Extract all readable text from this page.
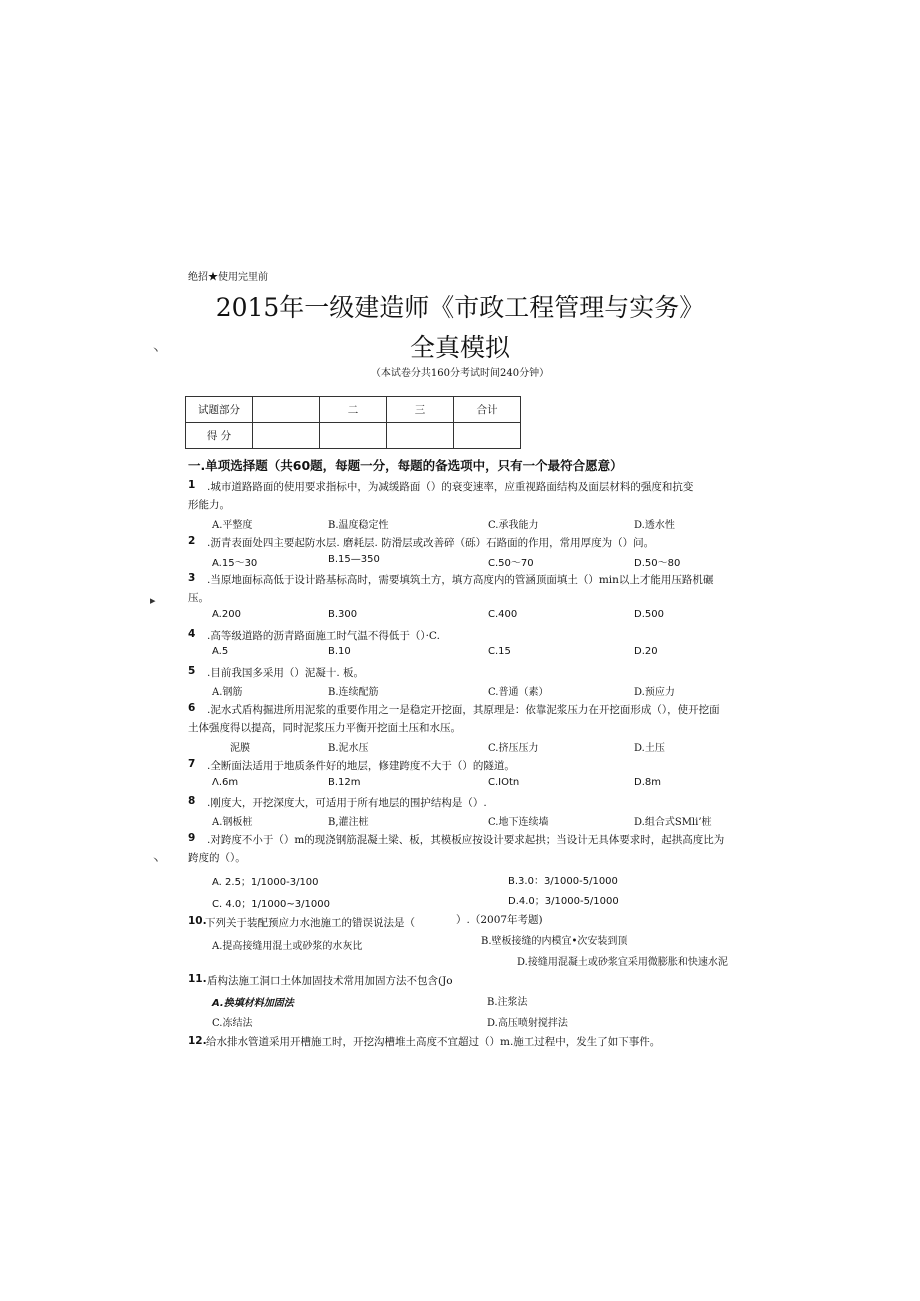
绝招★使用完里前
2015年一级建造师《市政工程管理与实务》
全真模拟
（本试卷分共160分考试时间240分钟）
丶
▸
丶
试题部分		二	三	合计
得 分				
一.单项选择题（共60题，每题一分，每题的备选项中，只有一个最符合愿意）
1 .城市道路路面的使用要求指标中，为减缓路面（）的衰变速率，应重视路面结构及面层材料的强度和抗变
形能力。
A.平整度	B.温度稳定性	C.承我能力	D.透水性
2 .沥青表面处四主要起防水层. 磨耗层. 防滑层或改善碎（砾）石路面的作用，常用厚度为（）问。
A.15〜30	B.15—350	C.50〜70	D.50〜80
3 .当原地面标高低于设计路基标高时，需要填筑土方，填方高度内的管涵顶面填土（）min以上才能用压路机碾
压。
A.200	B.300	C.400	D.500
4 .高等级道路的沥青路面施工时气温不得低于（）·C.
A.5	B.10	C.15	D.20
5 .目前我国多采用（）泥凝十. 板。
A.钢筋	B.连续配筋	C.普通（素）	D.预应力
6 .泥水式盾构掘进所用泥浆的重要作用之一是稳定开挖面，其原理是：依靠泥浆压力在开挖面形成（），使开挖面
土体强度得以提高，同时泥浆压力平衡开挖面土压和水压。
泥膜	B.泥水压	C.挤压压力	D.土压
7 .全断面法适用于地质条件好的地层，修建跨度不大于（）的隧道。
Λ.6m	B.12m	C.IOtn	D.8m
8 .刚度大，开挖深度大，可适用于所有地层的围护结构是（）.
A.钢板桩	B,灌注桩	C.地下连续墙	D.组合式SMli’桩
9 .对跨度不小于（）m的现浇钢筋混凝土梁、板，其模板应按设计要求起拱；当设计无具体要求时，起拱高度比为
跨度的（）。
A. 2.5；1/1000-3/100	B.3.0：3/1000-5/1000
C. 4.0；1/1000~3/1000	D.4.0；3/1000-5/1000
10.
下列关于装配预应力水池施工的错误说法是（	）.（2007年考题)
A.提高接缝用混土或砂浆的水灰比	B.壁板接缝的内模宜•次安装到顶
D.接缝用混凝土或砂浆宜采用微膨胀和快速水泥
11. 盾构法施工洞口土体加固技术常用加固方法不包含(Jo
A.换填材料加固法	B.注浆法
C.冻结法	D.高压喷射搅拌法
12. 给水排水管道采用开槽施工时，开挖沟槽堆土高度不宜超过（）m.施工过程中，发生了如下事件。
